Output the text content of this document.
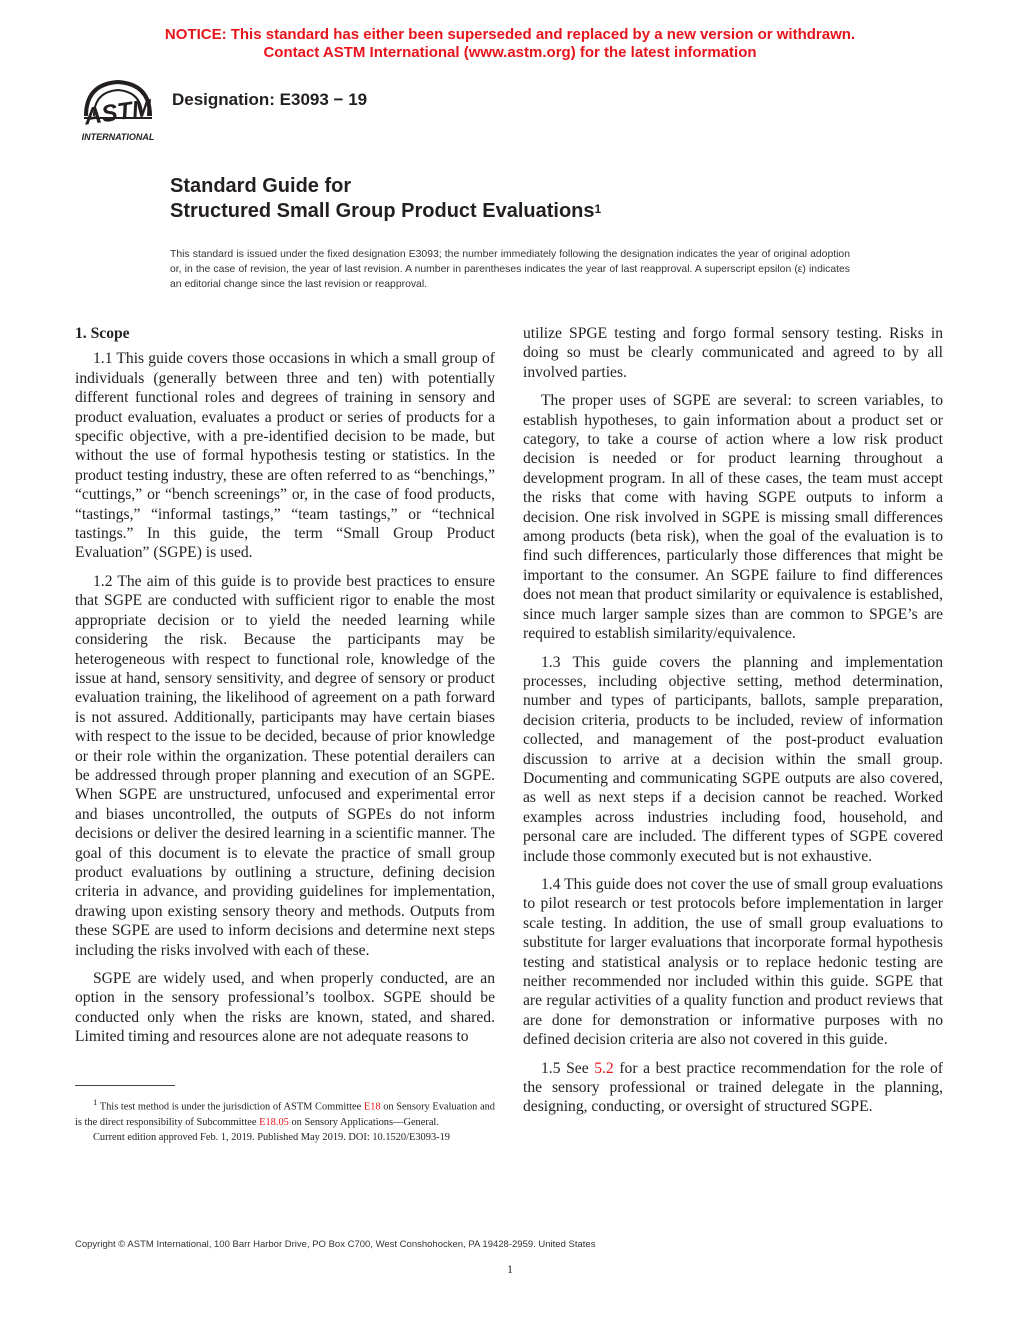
NOTICE: This standard has either been superseded and replaced by a new version or withdrawn.
Contact ASTM International (www.astm.org) for the latest information
ASTM
INTERNATIONAL
Designation: E3093 − 19
Standard Guide for
Structured Small Group Product Evaluations$^1$
This standard is issued under the fixed designation E3093; the number immediately following the designation indicates the year of original adoption or, in the case of revision, the year of last revision. A number in parentheses indicates the year of last reapproval. A superscript epsilon (ε) indicates an editorial change since the last revision or reapproval.
1. Scope

1.1 This guide covers those occasions in which a small group of individuals (generally between three and ten) with potentially different functional roles and degrees of training in sensory and product evaluation, evaluates a product or series of products for a specific objective, with a pre-identified decision to be made, but without the use of formal hypothesis testing or statistics. In the product testing industry, these are often referred to as “benchings,” “cuttings,” or “bench screenings” or, in the case of food products, “tastings,” “informal tastings,” “team tastings,” or “technical tastings.” In this guide, the term “Small Group Product Evaluation” (SGPE) is used.

1.2 The aim of this guide is to provide best practices to ensure that SGPE are conducted with sufficient rigor to enable the most appropriate decision or to yield the needed learning while considering the risk. Because the participants may be heterogeneous with respect to functional role, knowledge of the issue at hand, sensory sensitivity, and degree of sensory or product evaluation training, the likelihood of agreement on a path forward is not assured. Additionally, participants may have certain biases with respect to the issue to be decided, because of prior knowledge or their role within the organization. These potential derailers can be addressed through proper planning and execution of an SGPE. When SGPE are unstructured, unfocused and experimental error and biases uncontrolled, the outputs of SGPEs do not inform decisions or deliver the desired learning in a scientific manner. The goal of this document is to elevate the practice of small group product evaluations by outlining a structure, defining decision criteria in advance, and providing guidelines for implementation, drawing upon existing sensory theory and methods. Outputs from these SGPE are used to inform decisions and determine next steps including the risks involved with each of these.

SGPE are widely used, and when properly conducted, are an option in the sensory professional’s toolbox. SGPE should be conducted only when the risks are known, stated, and shared. Limited timing and resources alone are not adequate reasons to

utilize SPGE testing and forgo formal sensory testing. Risks in doing so must be clearly communicated and agreed to by all involved parties.

The proper uses of SGPE are several: to screen variables, to establish hypotheses, to gain information about a product set or category, to take a course of action where a low risk product decision is needed or for product learning throughout a development program. In all of these cases, the team must accept the risks that come with having SGPE outputs to inform a decision. One risk involved in SGPE is missing small differences among products (beta risk), when the goal of the evaluation is to find such differences, particularly those differences that might be important to the consumer. An SGPE failure to find differences does not mean that product similarity or equivalence is established, since much larger sample sizes than are common to SPGE’s are required to establish similarity/equivalence.

1.3 This guide covers the planning and implementation processes, including objective setting, method determination, number and types of participants, ballots, sample preparation, decision criteria, products to be included, review of information collected, and management of the post-product evaluation discussion to arrive at a decision within the small group. Documenting and communicating SGPE outputs are also covered, as well as next steps if a decision cannot be reached. Worked examples across industries including food, household, and personal care are included. The different types of SGPE covered include those commonly executed but is not exhaustive.

1.4 This guide does not cover the use of small group evaluations to pilot research or test protocols before implementation in larger scale testing. In addition, the use of small group evaluations to substitute for larger evaluations that incorporate formal hypothesis testing and statistical analysis or to replace hedonic testing are neither recommended nor included within this guide. SGPE that are regular activities of a quality function and product reviews that are done for demonstration or informative purposes with no defined decision criteria are also not covered in this guide.

1.5 See 5.2 for a best practice recommendation for the role of the sensory professional or trained delegate in the planning, designing, conducting, or oversight of structured SGPE.

$^1$ This test method is under the jurisdiction of ASTM Committee E18 on Sensory Evaluation and is the direct responsibility of Subcommittee E18.05 on Sensory Applications—General.

Current edition approved Feb. 1, 2019. Published May 2019. DOI: 10.1520/E3093-19

Copyright © ASTM International, 100 Barr Harbor Drive, PO Box C700, West Conshohocken, PA 19428-2959. United States
1
